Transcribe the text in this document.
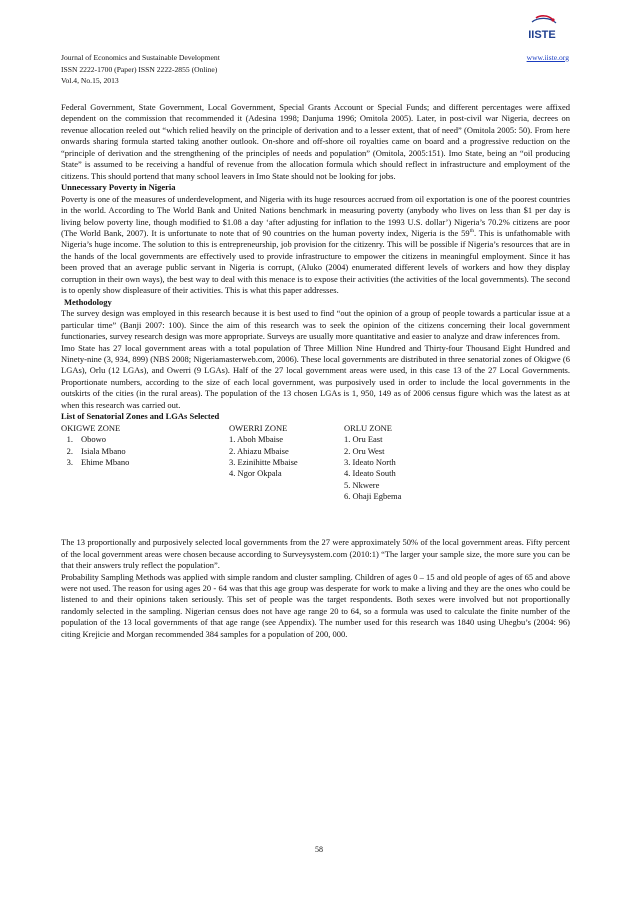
Journal of Economics and Sustainable Development
ISSN 2222-1700 (Paper) ISSN 2222-2855 (Online)
Vol.4, No.15, 2013
www.iiste.org
IISTE

Federal Government, State Government, Local Government, Special Grants Account or Special Funds; and different percentages were affixed dependent on the commission that recommended it (Adesina 1998; Danjuma 1996; Omitola 2005). Later, in post-civil war Nigeria, decrees on revenue allocation reeled out “which relied heavily on the principle of derivation and to a lesser extent, that of need” (Omitola 2005: 50). From here onwards sharing formula started taking another outlook. On-shore and off-shore oil royalties came on board and a progressive reduction on the “principle of derivation and the strengthening of the principles of needs and population” (Omitola, 2005:151). Imo State, being an “oil producing State” is assumed to be receiving a handful of revenue from the allocation formula which should reflect in infrastructure and employment of the citizens. This should portend that many school leavers in Imo State should not be looking for jobs.

Unnecessary Poverty in Nigeria

Poverty is one of the measures of underdevelopment, and Nigeria with its huge resources accrued from oil exportation is one of the poorest countries in the world. According to The World Bank and United Nations benchmark in measuring poverty (anybody who lives on less than $1 per day is living below poverty line, though modified to $1.08 a day ‘after adjusting for inflation to the 1993 U.S. dollar’) Nigeria’s 70.2% citizens are poor (The World Bank, 2007). It is unfortunate to note that of 90 countries on the human poverty index, Nigeria is the 59th. This is unfathomable with Nigeria’s huge income. The solution to this is entrepreneurship, job provision for the citizenry. This will be possible if Nigeria’s resources that are in the hands of the local governments are effectively used to provide infrastructure to empower the citizens in meaningful employment. Since it has been proved that an average public servant in Nigeria is corrupt, (Aluko (2004) enumerated different levels of workers and how they display corruption in their own ways), the best way to deal with this menace is to expose their activities (the activities of the local governments). The second is to openly show displeasure of their activities. This is what this paper addresses.

Methodology

The survey design was employed in this research because it is best used to find “out the opinion of a group of people towards a particular issue at a particular time” (Banji 2007: 100). Since the aim of this research was to seek the opinion of the citizens concerning their local government functionaries, survey research design was more appropriate. Surveys are usually more quantitative and easier to analyze and draw inferences from.

Imo State has 27 local government areas with a total population of Three Million Nine Hundred and Thirty-four Thousand Eight Hundred and Ninety-nine (3, 934, 899) (NBS 2008; Nigeriamasterweb.com, 2006). These local governments are distributed in three senatorial zones of Okigwe (6 LGAs), Orlu (12 LGAs), and Owerri (9 LGAs). Half of the 27 local government areas were used, in this case 13 of the 27 Local Governments. Proportionate numbers, according to the size of each local government, was purposively used in order to include the local governments in the outskirts of the cities (in the rural areas). The population of the 13 chosen LGAs is 1, 950, 149 as of 2006 census figure which was the latest as at when this research was carried out.

List of Senatorial Zones and LGAs Selected
OKIGWE ZONE
1. Obowo
2. Isiala Mbano
3. Ehime Mbano
OWERRI ZONE
1. Aboh Mbaise
2. Ahiazu Mbaise
3. Ezinihitte Mbaise
4. Ngor Okpala
ORLU ZONE
1. Oru East
2. Oru West
3. Ideato North
4. Ideato South
5. Nkwere
6. Ohaji Egbema

The 13 proportionally and purposively selected local governments from the 27 were approximately 50% of the local government areas. Fifty percent of the local government areas were chosen because according to Surveysystem.com (2010:1) “The larger your sample size, the more sure you can be that their answers truly reflect the population”.

Probability Sampling Methods was applied with simple random and cluster sampling. Children of ages 0 – 15 and old people of ages of 65 and above were not used. The reason for using ages 20 - 64 was that this age group was desperate for work to make a living and they are the ones who could be listened to and their opinions taken seriously. This set of people was the target respondents. Both sexes were involved but not proportionally randomly selected in the sampling. Nigerian census does not have age range 20 to 64, so a formula was used to calculate the finite number of the population of the 13 local governments of that age range (see Appendix). The number used for this research was 1840 using Uhegbu’s (2004: 96) citing Krejicie and Morgan recommended 384 samples for a population of 200, 000.

58
